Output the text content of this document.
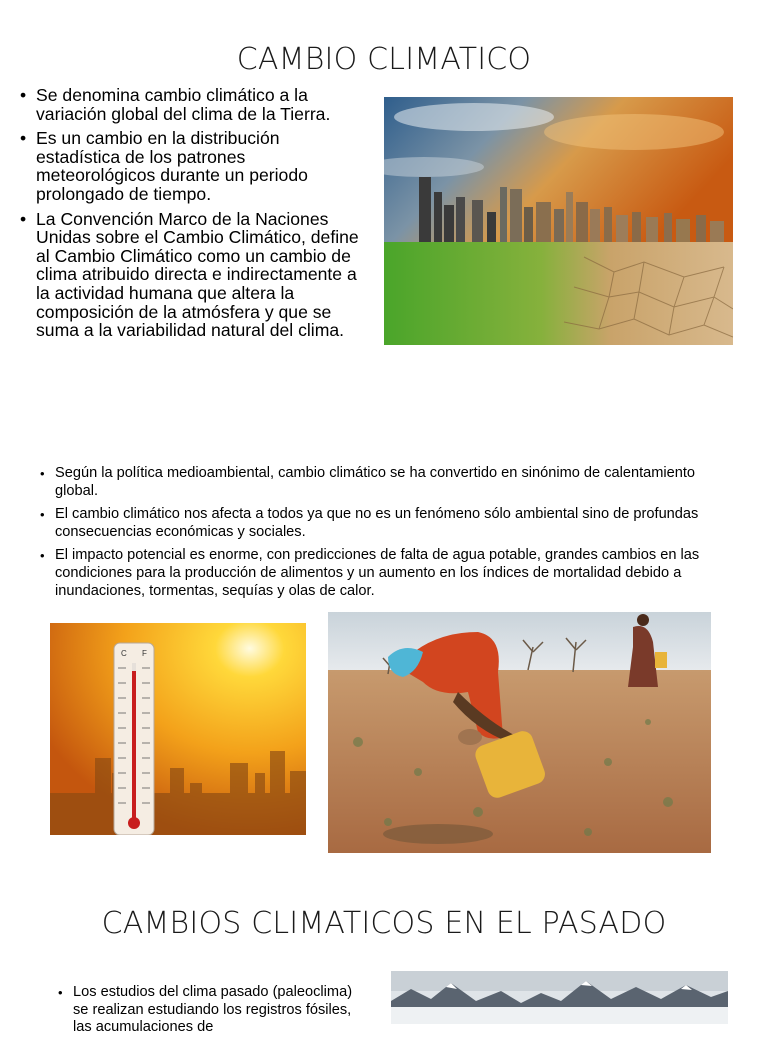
CAMBIO CLIMATICO
• Se denomina cambio climático a la variación global del clima de la Tierra.
• Es un cambio en la distribución estadística de los patrones meteorológicos durante un periodo prolongado de tiempo.
• La Convención Marco de la Naciones Unidas sobre el Cambio Climático, define al Cambio Climático como un cambio de clima atribuido directa e indirectamente a la actividad humana que altera la composición de la atmósfera y que se suma a la variabilidad natural del clima.
• Según la política medioambiental, cambio climático se ha convertido en sinónimo de calentamiento global.
• El cambio climático nos afecta a todos ya que no es un fenómeno sólo ambiental sino de profundas consecuencias económicas y sociales.
• El impacto potencial es enorme, con predicciones de falta de agua potable, grandes cambios en las condiciones para la producción de alimentos y un aumento en los índices de mortalidad debido a inundaciones, tormentas, sequías y olas de calor.
C F
CAMBIOS CLIMATICOS EN EL PASADO
• Los estudios del clima pasado (paleoclima) se realizan estudiando los registros fósiles, las acumulaciones de
